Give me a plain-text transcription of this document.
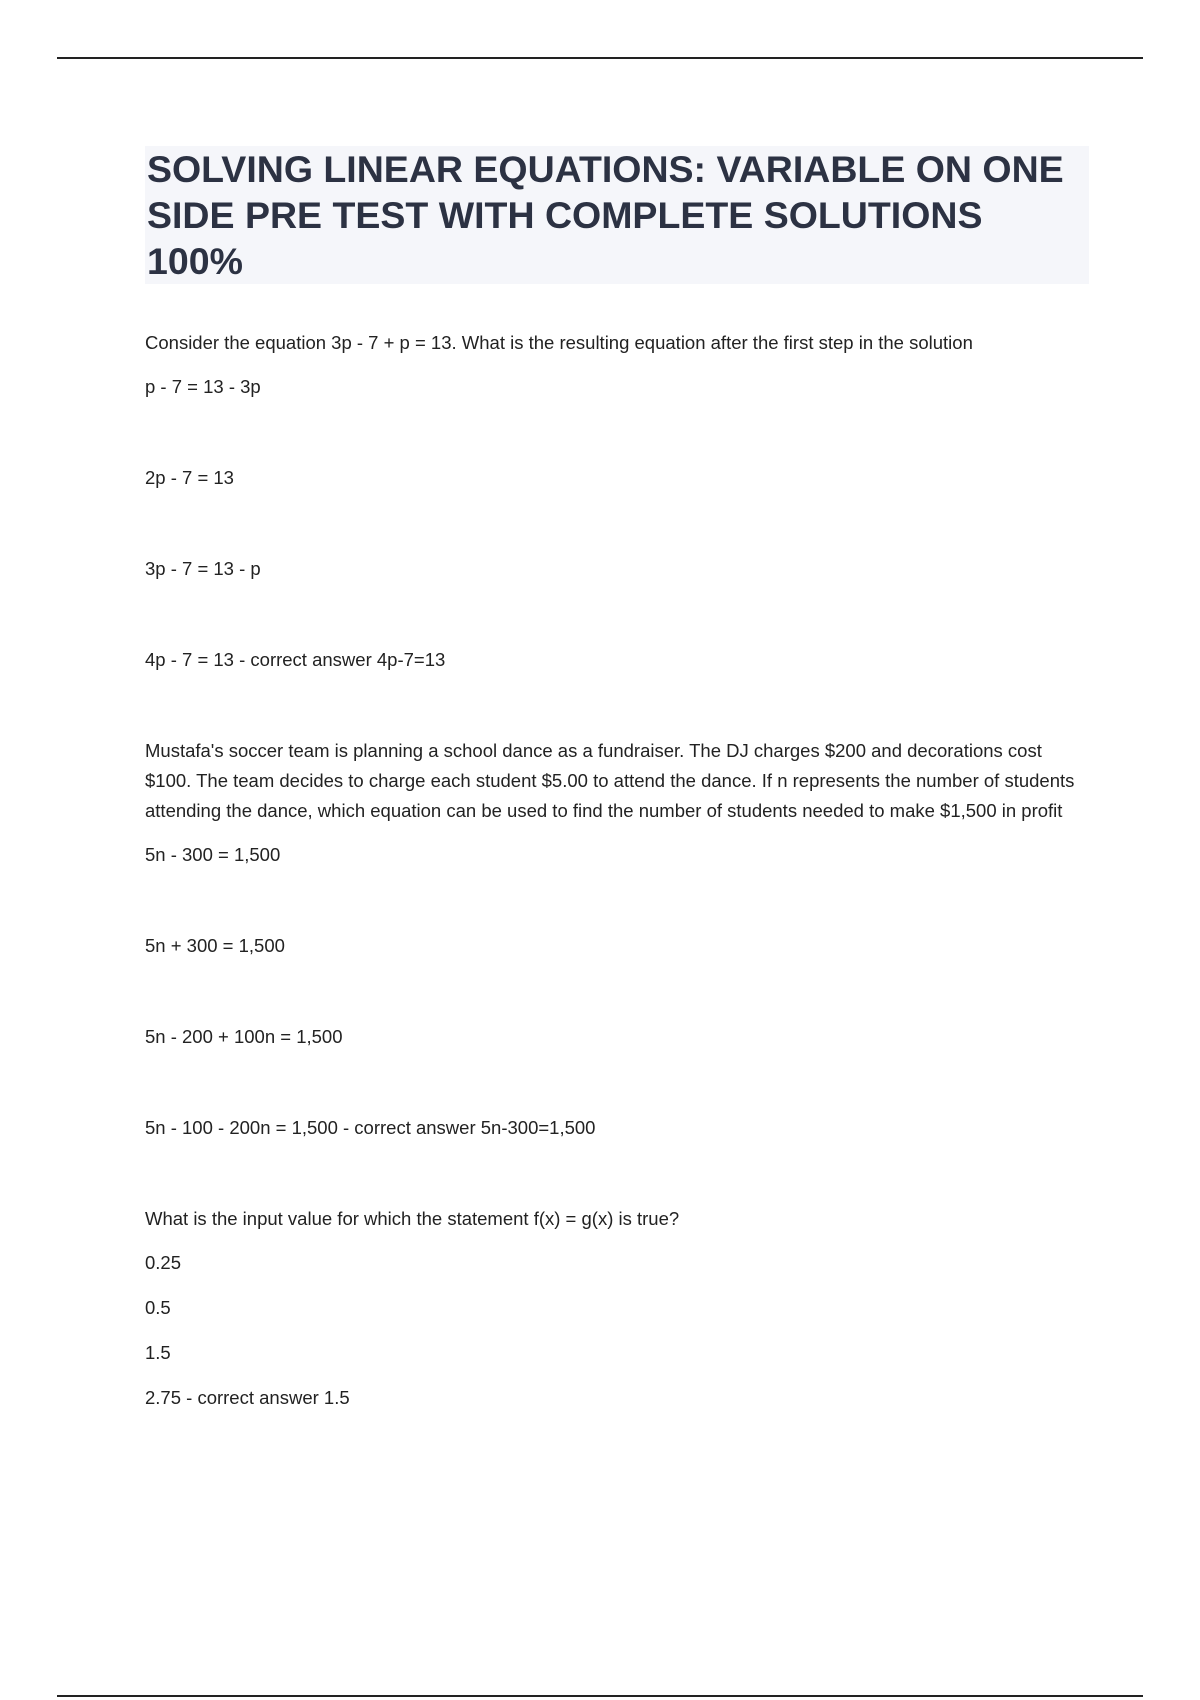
SOLVING LINEAR EQUATIONS: VARIABLE ON ONE SIDE PRE TEST WITH COMPLETE SOLUTIONS 100%

Consider the equation 3p - 7 + p = 13. What is the resulting equation after the first step in the solution

p - 7 = 13 - 3p

2p - 7 = 13

3p - 7 = 13 - p

4p - 7 = 13 - correct answer 4p-7=13

Mustafa's soccer team is planning a school dance as a fundraiser. The DJ charges $200 and decorations cost $100. The team decides to charge each student $5.00 to attend the dance. If n represents the number of students attending the dance, which equation can be used to find the number of students needed to make $1,500 in profit

5n - 300 = 1,500

5n + 300 = 1,500

5n - 200 + 100n = 1,500

5n - 100 - 200n = 1,500 - correct answer 5n-300=1,500

What is the input value for which the statement f(x) = g(x) is true?

0.25

0.5

1.5

2.75 - correct answer 1.5
